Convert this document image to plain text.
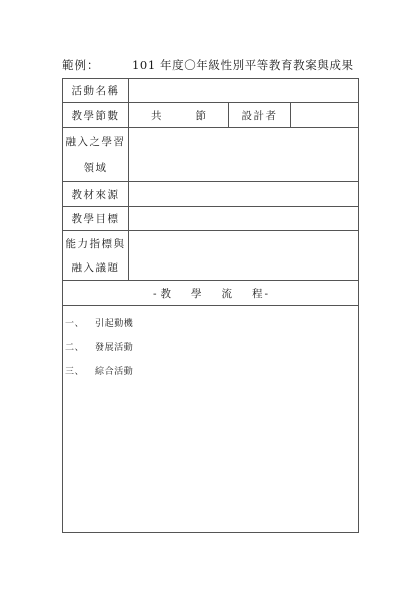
範例：	101 年度〇年級性別平等教育教案與成果
活動名稱			
教學節數	共 節	設計者	

融入之學習
領域			

教材來源			
教學目標			

能力指標與
融入議題			

- 教 學 流 程 -			

一、 引起動機
二、 發展活動
三、 綜合活動			
